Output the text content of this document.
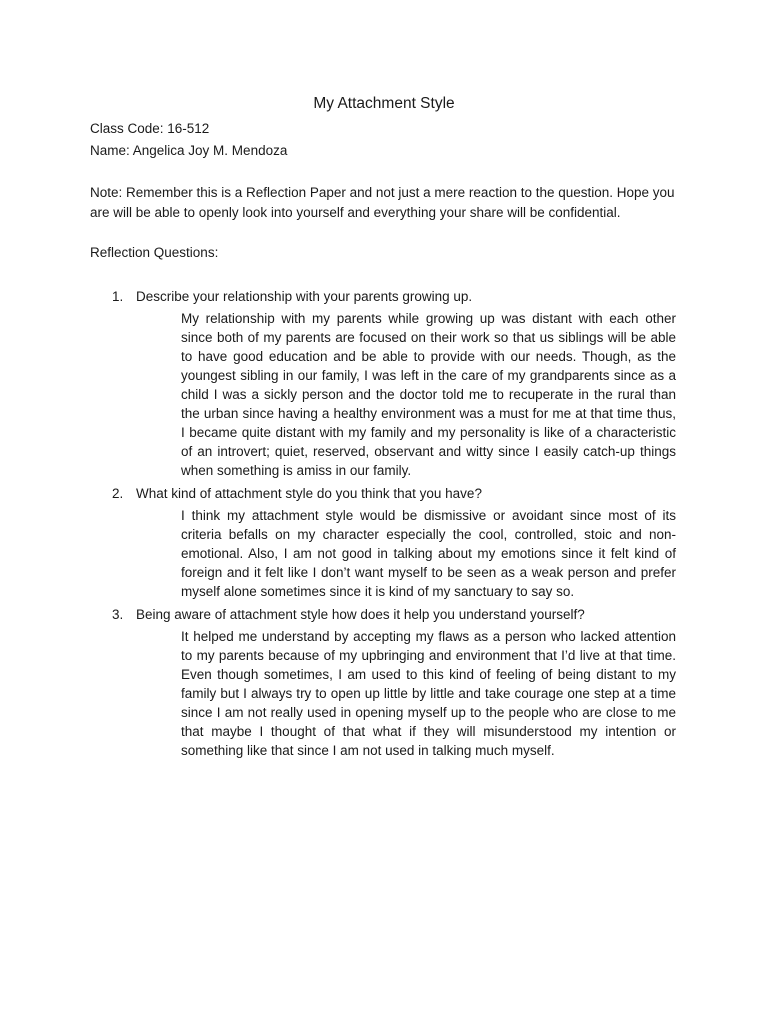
My Attachment Style
Class Code: 16-512
Name: Angelica Joy M. Mendoza
Note: Remember this is a Reflection Paper and not just a mere reaction to the question. Hope you are will be able to openly look into yourself and everything your share will be confidential.
Reflection Questions:
1. Describe your relationship with your parents growing up.
My relationship with my parents while growing up was distant with each other since both of my parents are focused on their work so that us siblings will be able to have good education and be able to provide with our needs. Though, as the youngest sibling in our family, I was left in the care of my grandparents since as a child I was a sickly person and the doctor told me to recuperate in the rural than the urban since having a healthy environment was a must for me at that time thus, I became quite distant with my family and my personality is like of a characteristic of an introvert; quiet, reserved, observant and witty since I easily catch-up things when something is amiss in our family.
2. What kind of attachment style do you think that you have?
I think my attachment style would be dismissive or avoidant since most of its criteria befalls on my character especially the cool, controlled, stoic and non-emotional. Also, I am not good in talking about my emotions since it felt kind of foreign and it felt like I don’t want myself to be seen as a weak person and prefer myself alone sometimes since it is kind of my sanctuary to say so.
3. Being aware of attachment style how does it help you understand yourself?
It helped me understand by accepting my flaws as a person who lacked attention to my parents because of my upbringing and environment that I’d live at that time. Even though sometimes, I am used to this kind of feeling of being distant to my family but I always try to open up little by little and take courage one step at a time since I am not really used in opening myself up to the people who are close to me that maybe I thought of that what if they will misunderstood my intention or something like that since I am not used in talking much myself.
